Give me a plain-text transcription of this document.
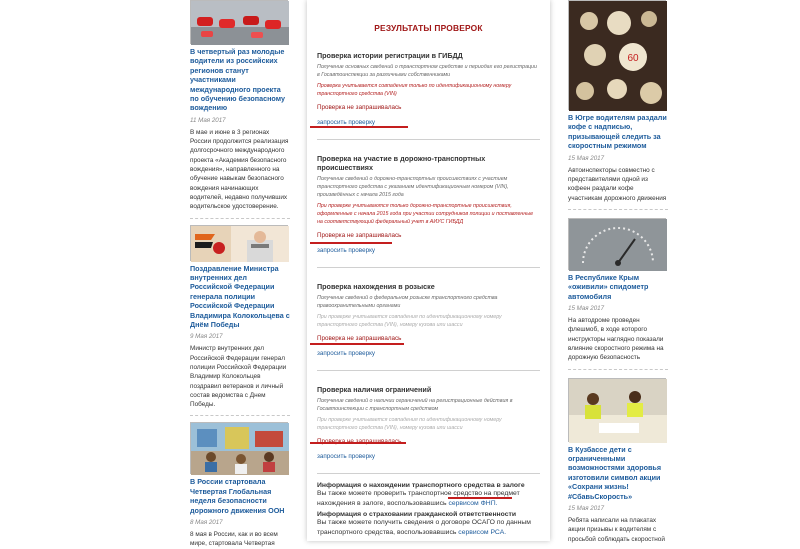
В четвертый раз молодые водители из российских регионов станут участниками международного проекта по обучению безопасному вождению
11 Мая 2017
В мае и июне в 3 регионах России продолжится реализация долгосрочного международного проекта «Академия безопасного вождения», направленного на обучение навыкам безопасного вождения начинающих водителей, недавно получивших водительское удостоверение.
Поздравление Министра внутренних дел Российской Федерации генерала полиции Российской Федерации Владимира Колокольцева с Днём Победы
9 Мая 2017
Министр внутренних дел Российской Федерации генерал полиции Российской Федерации Владимир Колокольцев поздравил ветеранов и личный состав ведомства с Днем Победы.
В России стартовала Четвертая Глобальная неделя безопасности дорожного движения ООН
8 Мая 2017
8 мая в России, как и во всем мире, стартовала Четвертая
РЕЗУЛЬТАТЫ ПРОВЕРОК
Проверка истории регистрации в ГИБДД
Получение основных сведений о транспортном средстве и периодах его регистрации в Госавтоинспекции за различными собственниками
Проверка учитывается совпадения только по идентификационному номеру транспортного средства (VIN)
Проверка не запрашивалась
запросить проверку
Проверка на участие в дорожно-транспортных происшествиях
Получение сведений о дорожно-транспортных происшествиях с участием транспортного средства с указанием идентификационным номером (VIN), произведённых с начала 2015 года
При проверке учитываются только дорожно-транспортные происшествия, оформленные с начала 2015 года при участии сотрудников полиции и поставленные на соответствующий федеральный учет в АИУС ГИБДД
Проверка не запрашивалась
запросить проверку
Проверка нахождения в розыске
Получение сведений о федеральном розыске транспортного средства правоохранительными органами
При проверке учитывается совпадения по идентификационному номеру транспортного средства (VIN), номеру кузова или шасси
Проверка не запрашивалась
запросить проверку
Проверка наличия ограничений
Получение сведений о наличии ограничений на регистрационные действия в Госавтоинспекции с транспортным средством
При проверке учитывается совпадения по идентификационному номеру транспортного средства (VIN), номеру кузова или шасси
запросить проверку
Информация о нахождении транспортного средства в залоге
Вы также можете проверить транспортное средство на предмет нахождения в залоге, воспользовавшись сервисом ФНП.
Информация о страховании гражданской ответственности
Вы также можете получить сведения о договоре ОСАГО по данным транспортного средства, воспользовавшись сервисом РСА.
60
В Югре водителям раздали кофе с надписью, призывающей следить за скоростным режимом
15 Мая 2017
Автоинспекторы совместно с представителями одной из кофеен раздали кофе участникам дорожного движения
В Республике Крым «оживили» спидометр автомобиля
15 Мая 2017
На автодроме проведен флешмоб, в ходе которого инструкторы наглядно показали влияние скоростного режима на дорожную безопасность
В Кузбассе дети с ограниченными возможностями здоровья изготовили символ акции «Сохрани жизнь! #СбавьСкорость»
15 Мая 2017
Ребята написали на плакатах акции призывы к водителям с просьбой соблюдать скоростной
